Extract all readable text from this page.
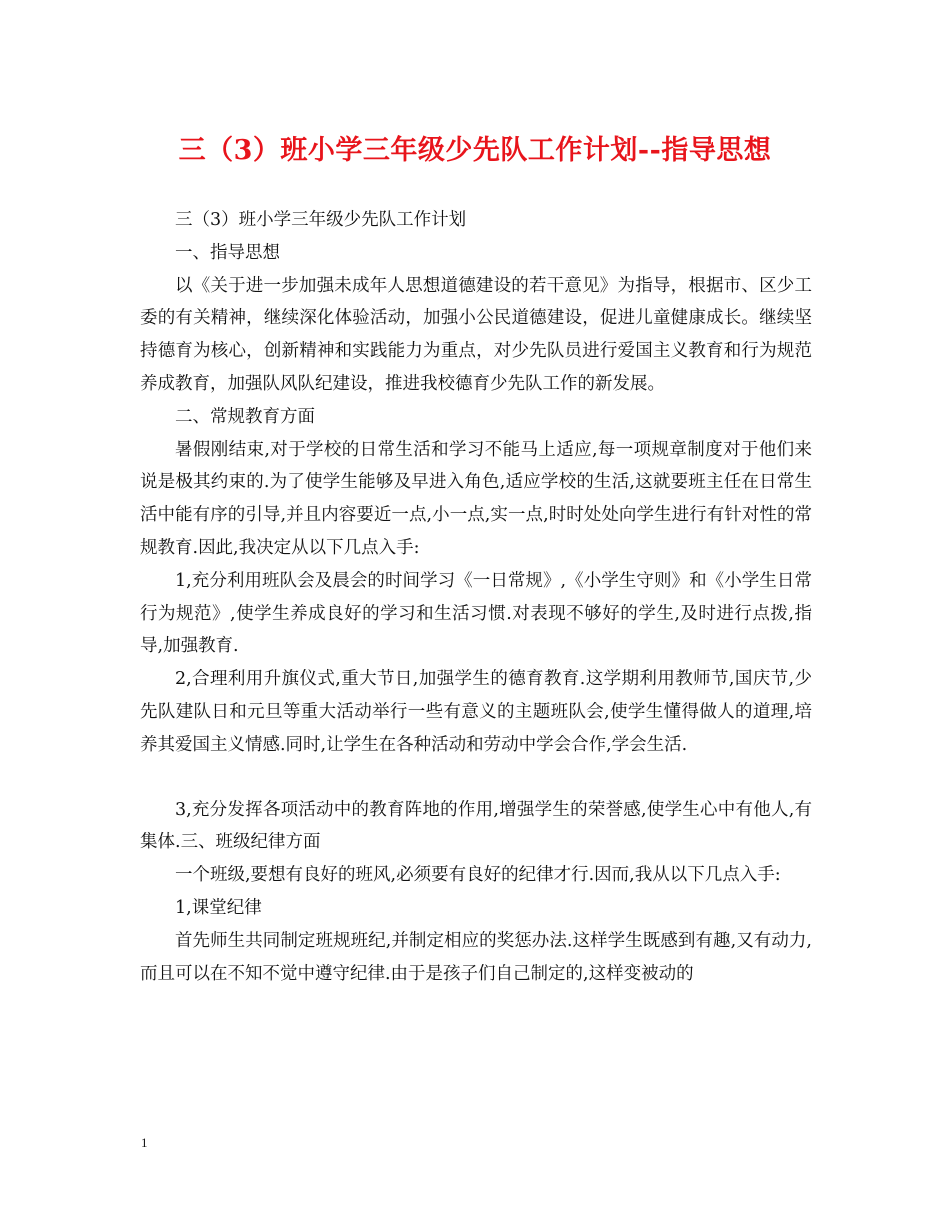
三（3）班小学三年级少先队工作计划--指导思想

三（3）班小学三年级少先队工作计划

一、指导思想

以《关于进一步加强未成年人思想道德建设的若干意见》为指导，根据市、区少工委的有关精神，继续深化体验活动，加强小公民道德建设，促进儿童健康成长。继续坚持德育为核心，创新精神和实践能力为重点，对少先队员进行爱国主义教育和行为规范养成教育，加强队风队纪建设，推进我校德育少先队工作的新发展。

二、常规教育方面

暑假刚结束,对于学校的日常生活和学习不能马上适应,每一项规章制度对于他们来说是极其约束的.为了使学生能够及早进入角色,适应学校的生活,这就要班主任在日常生活中能有序的引导,并且内容要近一点,小一点,实一点,时时处处向学生进行有针对性的常规教育.因此,我决定从以下几点入手:

1,充分利用班队会及晨会的时间学习《一日常规》,《小学生守则》和《小学生日常行为规范》,使学生养成良好的学习和生活习惯.对表现不够好的学生,及时进行点拨,指导,加强教育.

2,合理利用升旗仪式,重大节日,加强学生的德育教育.这学期利用教师节,国庆节,少先队建队日和元旦等重大活动举行一些有意义的主题班队会,使学生懂得做人的道理,培养其爱国主义情感.同时,让学生在各种活动和劳动中学会合作,学会生活.

3,充分发挥各项活动中的教育阵地的作用,增强学生的荣誉感,使学生心中有他人,有集体.三、班级纪律方面

一个班级,要想有良好的班风,必须要有良好的纪律才行.因而,我从以下几点入手:

1,课堂纪律

首先师生共同制定班规班纪,并制定相应的奖惩办法.这样学生既感到有趣,又有动力,而且可以在不知不觉中遵守纪律.由于是孩子们自己制定的,这样变被动的

1
